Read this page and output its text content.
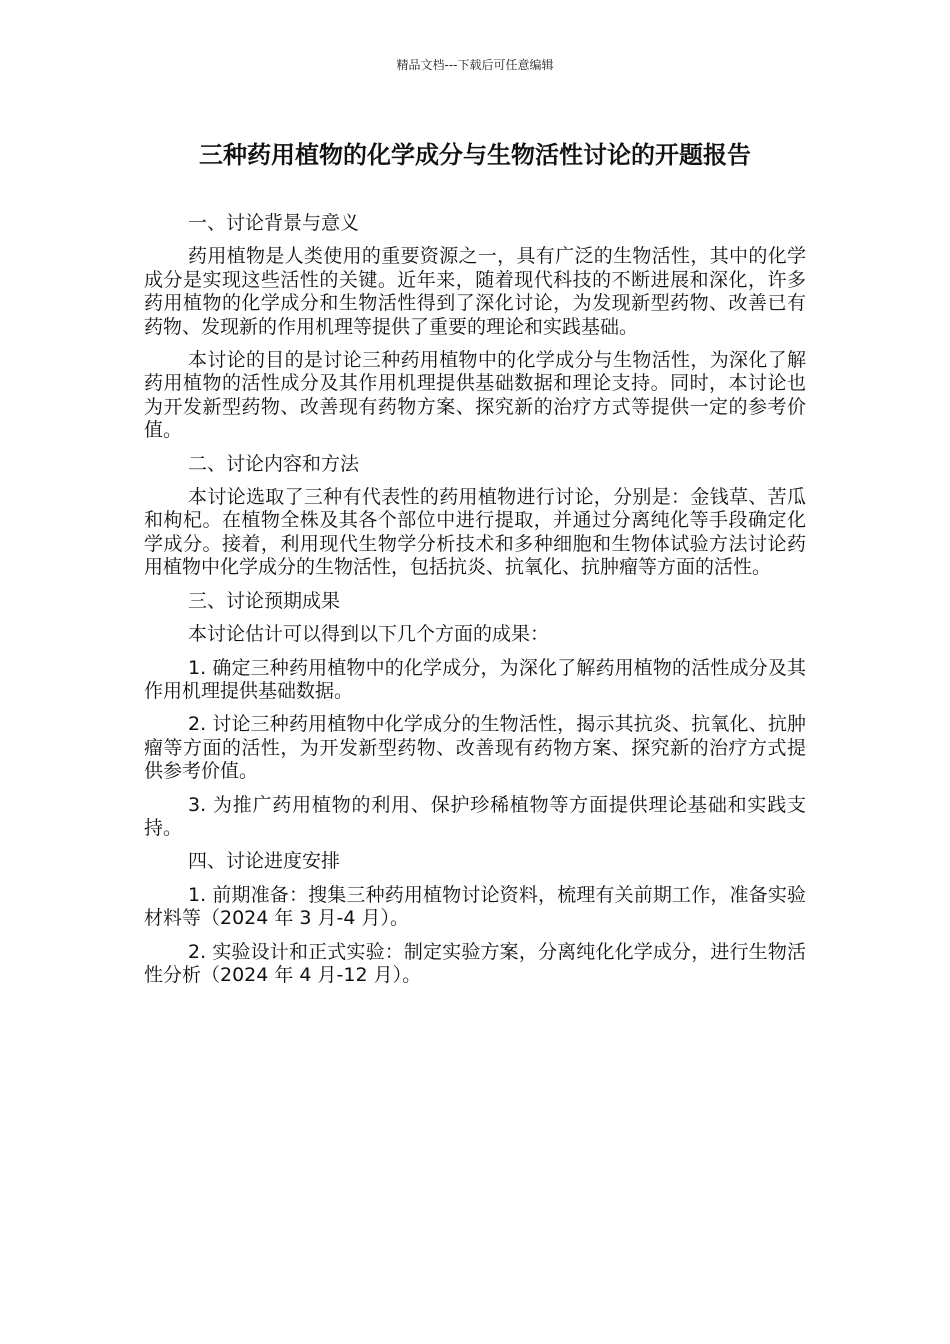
精品文档---下载后可任意编辑
三种药用植物的化学成分与生物活性讨论的开题报告

一、讨论背景与意义

药用植物是人类使用的重要资源之一，具有广泛的生物活性，其中的化学成分是实现这些活性的关键。近年来，随着现代科技的不断进展和深化，许多药用植物的化学成分和生物活性得到了深化讨论，为发现新型药物、改善已有药物、发现新的作用机理等提供了重要的理论和实践基础。

本讨论的目的是讨论三种药用植物中的化学成分与生物活性，为深化了解药用植物的活性成分及其作用机理提供基础数据和理论支持。同时，本讨论也为开发新型药物、改善现有药物方案、探究新的治疗方式等提供一定的参考价值。

二、讨论内容和方法

本讨论选取了三种有代表性的药用植物进行讨论，分别是：金钱草、苦瓜和枸杞。在植物全株及其各个部位中进行提取，并通过分离纯化等手段确定化学成分。接着，利用现代生物学分析技术和多种细胞和生物体试验方法讨论药用植物中化学成分的生物活性，包括抗炎、抗氧化、抗肿瘤等方面的活性。

三、讨论预期成果

本讨论估计可以得到以下几个方面的成果：

1. 确定三种药用植物中的化学成分，为深化了解药用植物的活性成分及其作用机理提供基础数据。

2. 讨论三种药用植物中化学成分的生物活性，揭示其抗炎、抗氧化、抗肿瘤等方面的活性，为开发新型药物、改善现有药物方案、探究新的治疗方式提供参考价值。

3. 为推广药用植物的利用、保护珍稀植物等方面提供理论基础和实践支持。

四、讨论进度安排

1. 前期准备：搜集三种药用植物讨论资料，梳理有关前期工作，准备实验材料等（2024 年 3 月-4 月）。

2. 实验设计和正式实验：制定实验方案，分离纯化化学成分，进行生物活性分析（2024 年 4 月-12 月）。
